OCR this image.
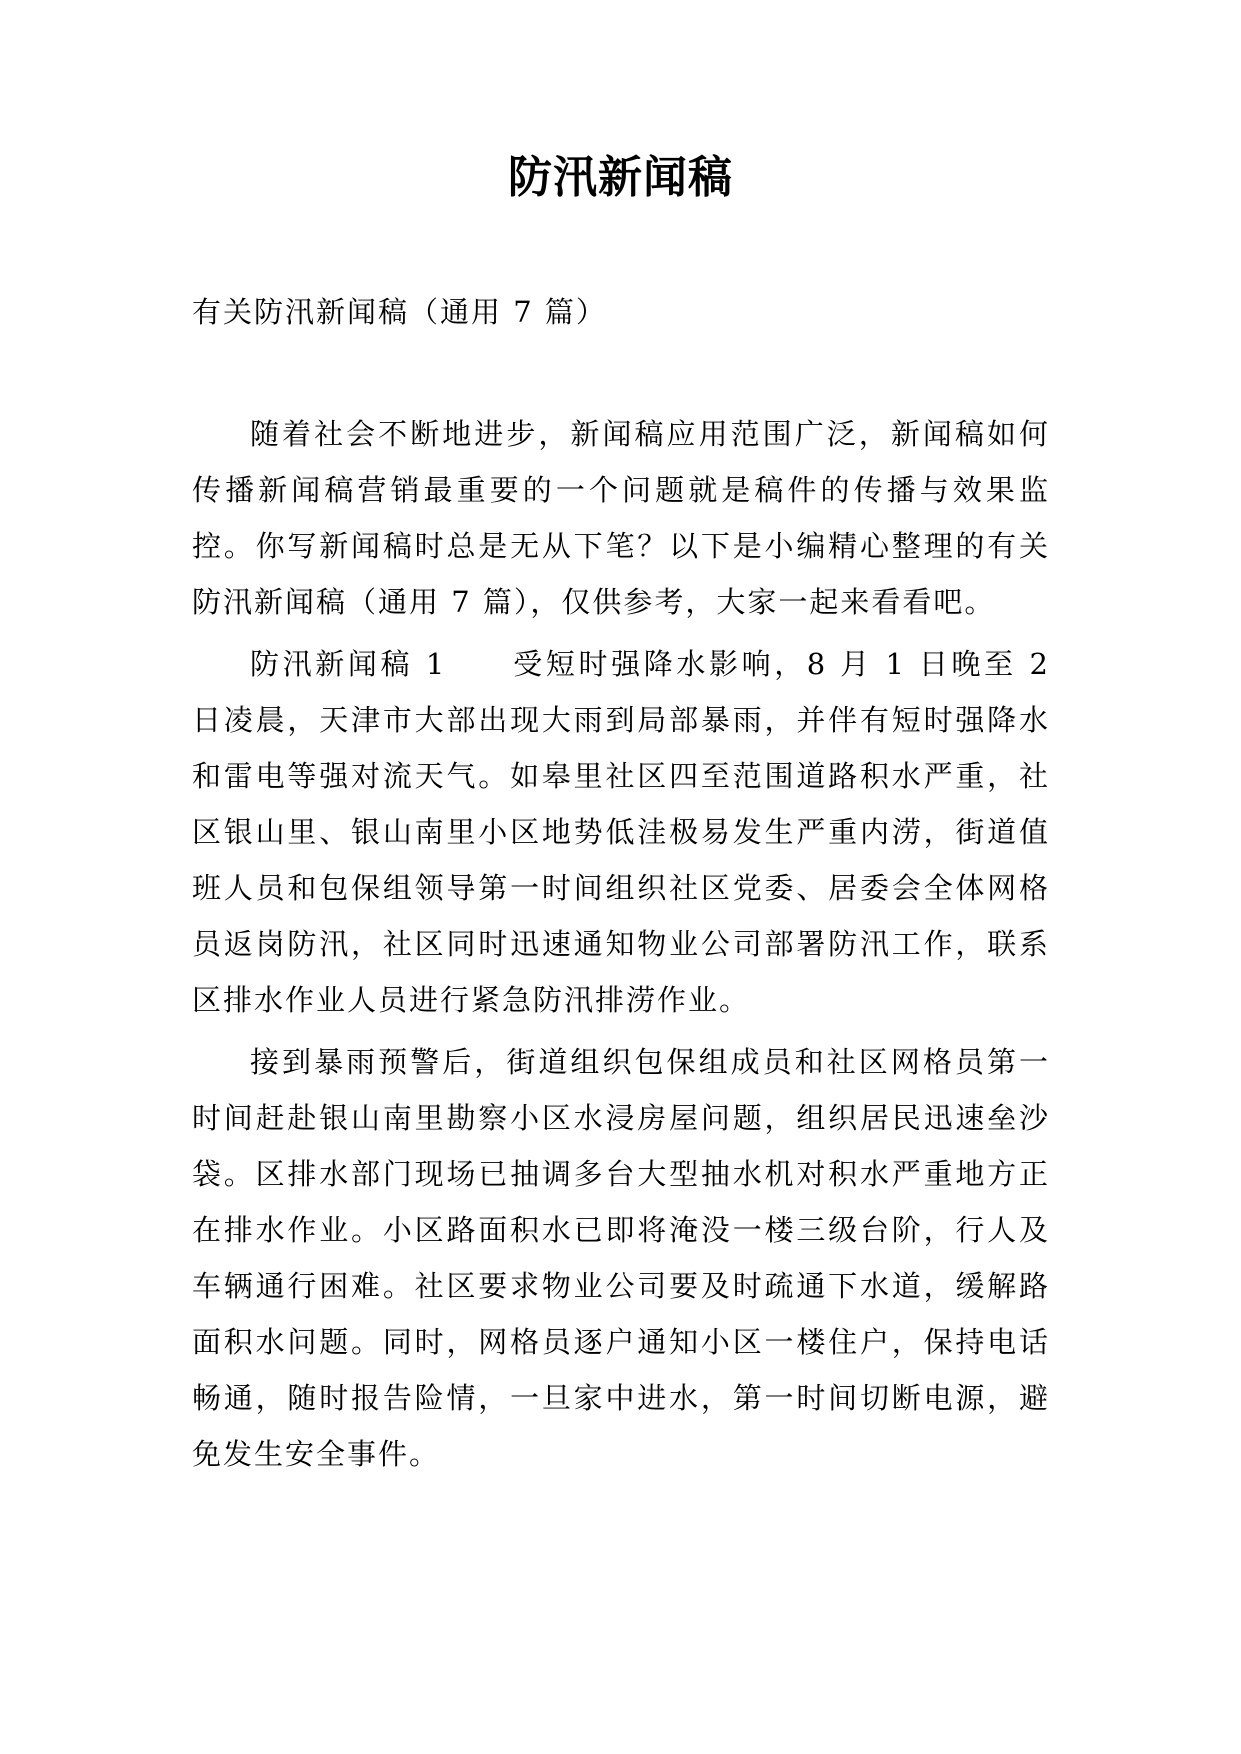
防汛新闻稿
有关防汛新闻稿（通用 7 篇）

随着社会不断地进步，新闻稿应用范围广泛，新闻稿如何传播新闻稿营销最重要的一个问题就是稿件的传播与效果监控。你写新闻稿时总是无从下笔？以下是小编精心整理的有关防汛新闻稿（通用 7 篇），仅供参考，大家一起来看看吧。

防汛新闻稿 1　　受短时强降水影响，8 月 1 日晚至 2 日凌晨，天津市大部出现大雨到局部暴雨，并伴有短时强降水和雷电等强对流天气。如皋里社区四至范围道路积水严重，社区银山里、银山南里小区地势低洼极易发生严重内涝，街道值班人员和包保组领导第一时间组织社区党委、居委会全体网格员返岗防汛，社区同时迅速通知物业公司部署防汛工作，联系区排水作业人员进行紧急防汛排涝作业。

接到暴雨预警后，街道组织包保组成员和社区网格员第一时间赶赴银山南里勘察小区水浸房屋问题，组织居民迅速垒沙袋。区排水部门现场已抽调多台大型抽水机对积水严重地方正在排水作业。小区路面积水已即将淹没一楼三级台阶，行人及车辆通行困难。社区要求物业公司要及时疏通下水道，缓解路面积水问题。同时，网格员逐户通知小区一楼住户，保持电话畅通，随时报告险情，一旦家中进水，第一时间切断电源，避免发生安全事件。
